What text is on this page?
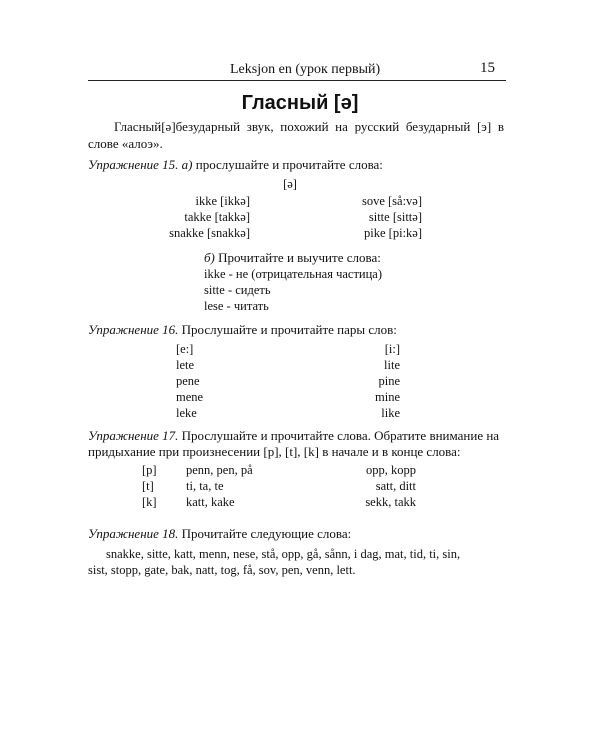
Leksjon en (урок первый)	15
Гласный [ə]
Гласный[ə]безударный звук, похожий на русский безударный [э] в слове «алоэ».
Упражнение 15. а) прослушайте и прочитайте слова:
[ə]
ikke [ikkə]
takke [takkə]
snakke [snakkə]
sove [så:və]
sitte [sittə]
pike [pi:kə]
б) Прочитайте и выучите слова:
ikke - не (отрицательная частица)
sitte - сидеть
lese - читать
Упражнение 16. Прослушайте и прочитайте пары слов:
[e:]	[i:]
lete
pene
mene
leke
lite
pine
mine
like
Упражнение 17. Прослушайте и прочитайте слова. Обратите внимание на
придыхание при произнесении [p], [t], [k] в начале и в конце слова:
[p]
[t]
[k]
penn, pen, på
ti, ta, te
katt, kake
opp, kopp
satt, ditt
sekk, takk
Упражнение 18. Прочитайте следующие слова:
snakke, sitte, katt, menn, nese, stå, opp, gå, sånn, i dag, mat, tid, ti, sin,
sist, stopp, gate, bak, natt, tog, få, sov, pen, venn, lett.
